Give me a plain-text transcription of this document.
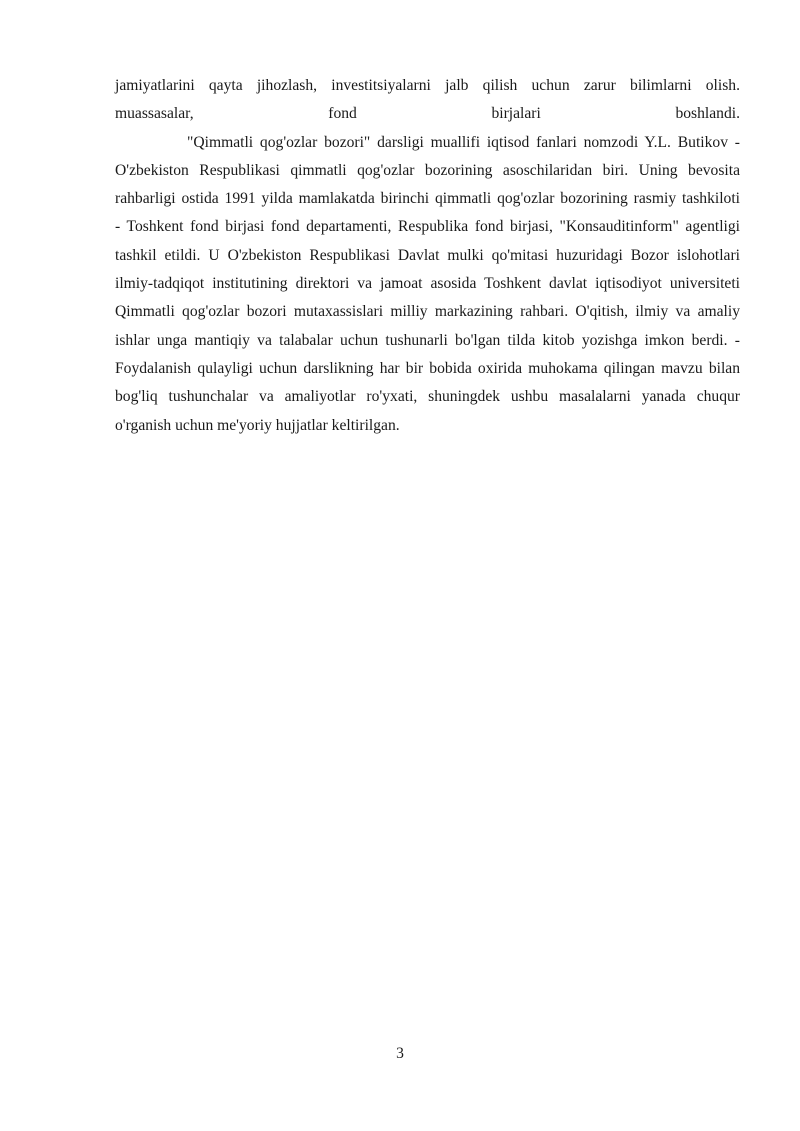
jamiyatlarini qayta jihozlash, investitsiyalarni jalb qilish uchun zarur bilimlarni olish.
muassasalar, fond birjalari boshlandi.
"Qimmatli qog'ozlar bozori" darsligi muallifi iqtisod fanlari nomzodi Y.L. Butikov -
O'zbekiston Respublikasi qimmatli qog'ozlar bozorining asoschilaridan biri. Uning bevosita
rahbarligi ostida 1991 yilda mamlakatda birinchi qimmatli qog'ozlar bozorining rasmiy tashkiloti
- Toshkent fond birjasi fond departamenti, Respublika fond birjasi, "Konsauditinform" agentligi
tashkil etildi. U O'zbekiston Respublikasi Davlat mulki qo'mitasi huzuridagi Bozor islohotlari
ilmiy-tadqiqot institutining direktori va jamoat asosida Toshkent davlat iqtisodiyot universiteti
Qimmatli qog'ozlar bozori mutaxassislari milliy markazining rahbari. O'qitish, ilmiy va amaliy
ishlar unga mantiqiy va talabalar uchun tushunarli bo'lgan tilda kitob yozishga imkon berdi. -
Foydalanish qulayligi uchun darslikning har bir bobida oxirida muhokama qilingan mavzu bilan
bog'liq tushunchalar va amaliyotlar ro'yxati, shuningdek ushbu masalalarni yanada chuqur
o'rganish uchun me'yoriy hujjatlar keltirilgan.
3
